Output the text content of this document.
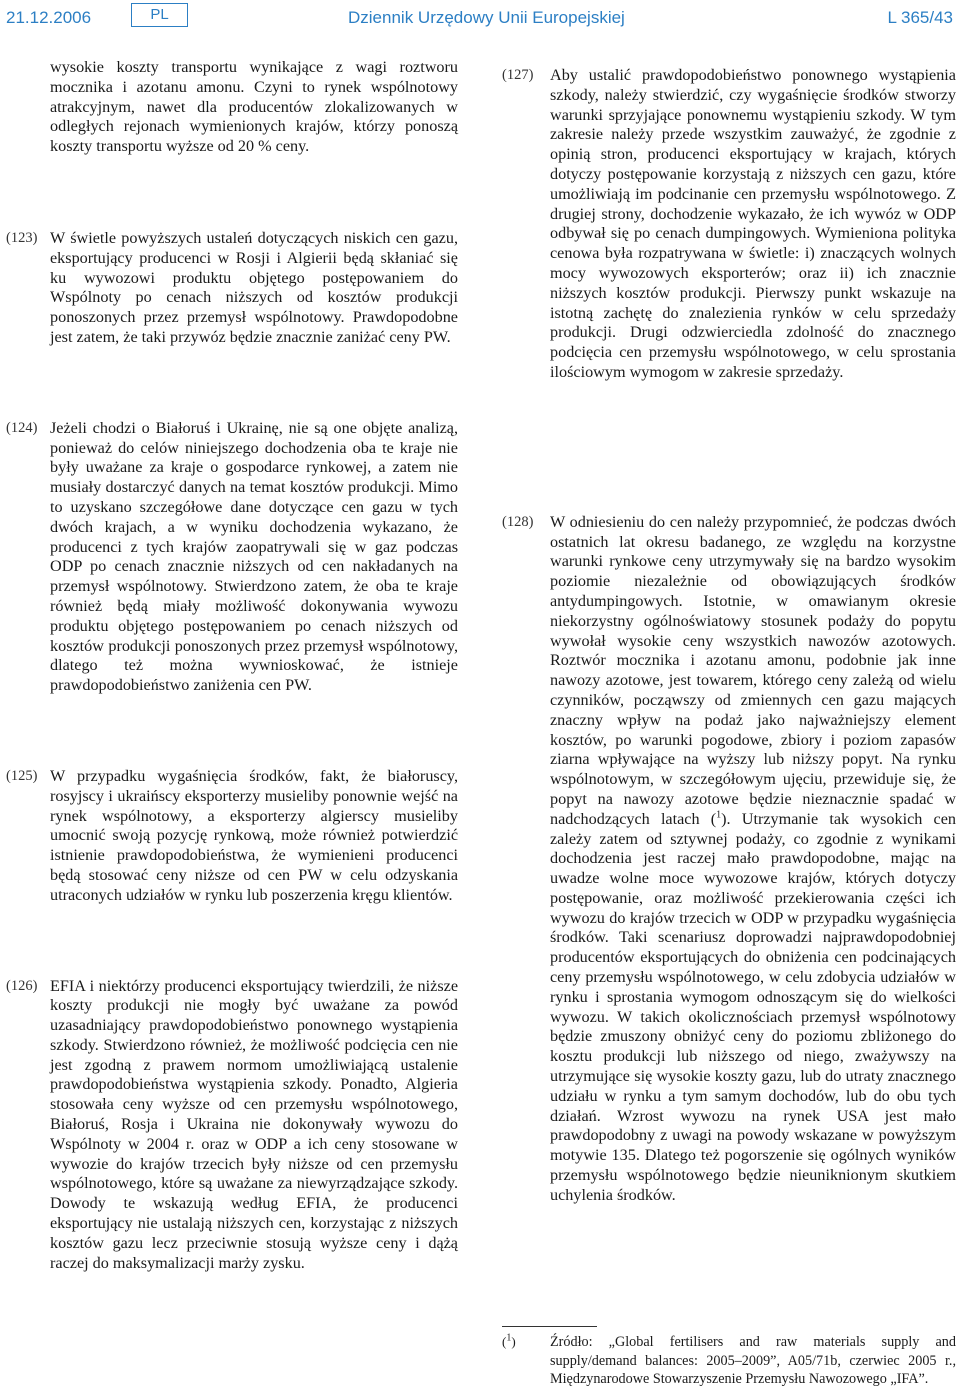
21.12.2006	PL	Dziennik Urzędowy Unii Europejskiej	L 365/43
wysokie koszty transportu wynikające z wagi roztworu mocznika i azotanu amonu. Czyni to rynek wspólnotowy atrakcyjnym, nawet dla producentów zlokalizowanych w odległych rejonach wymienionych krajów, którzy ponoszą koszty transportu wyższe od 20 % ceny.
(123) W świetle powyższych ustaleń dotyczących niskich cen gazu, eksportujący producenci w Rosji i Algierii będą skłaniać się ku wywozowi produktu objętego postępowaniem do Wspólnoty po cenach niższych od kosztów produkcji ponoszonych przez przemysł wspólnotowy. Prawdopodobne jest zatem, że taki przywóz będzie znacznie zaniżać ceny PW.
(124) Jeżeli chodzi o Białoruś i Ukrainę, nie są one objęte analizą, ponieważ do celów niniejszego dochodzenia oba te kraje nie były uważane za kraje o gospodarce rynkowej, a zatem nie musiały dostarczyć danych na temat kosztów produkcji. Mimo to uzyskano szczegółowe dane dotyczące cen gazu w tych dwóch krajach, a w wyniku dochodzenia wykazano, że producenci z tych krajów zaopatrywali się w gaz podczas ODP po cenach znacznie niższych od cen nakładanych na przemysł wspólnotowy. Stwierdzono zatem, że oba te kraje również będą miały możliwość dokonywania wywozu produktu objętego postępowaniem po cenach niższych od kosztów produkcji ponoszonych przez przemysł wspólnotowy, dlatego też można wywnioskować, że istnieje prawdopodobieństwo zaniżenia cen PW.
(125) W przypadku wygaśnięcia środków, fakt, że białoruscy, rosyjscy i ukraińscy eksporterzy musieliby ponownie wejść na rynek wspólnotowy, a eksporterzy algierscy musieliby umocnić swoją pozycję rynkową, może również potwierdzić istnienie prawdopodobieństwa, że wymienieni producenci będą stosować ceny niższe od cen PW w celu odzyskania utraconych udziałów w rynku lub poszerzenia kręgu klientów.
(126) EFIA i niektórzy producenci eksportujący twierdzili, że niższe koszty produkcji nie mogły być uważane za powód uzasadniający prawdopodobieństwo ponownego wystąpienia szkody. Stwierdzono również, że możliwość podcięcia cen nie jest zgodną z prawem normom umożliwiającą ustalenie prawdopodobieństwa wystąpienia szkody. Ponadto, Algieria stosowała ceny wyższe od cen przemysłu wspólnotowego, Białoruś, Rosja i Ukraina nie dokonywały wywozu do Wspólnoty w 2004 r. oraz w ODP a ich ceny stosowane w wywozie do krajów trzecich były niższe od cen przemysłu wspólnotowego, które są uważane za niewyrządzające szkody. Dowody te wskazują według EFIA, że producenci eksportujący nie ustalają niższych cen, korzystając z niższych kosztów gazu lecz przeciwnie stosują wyższe ceny i dążą raczej do maksymalizacji marży zysku.
(127) Aby ustalić prawdopodobieństwo ponownego wystąpienia szkody, należy stwierdzić, czy wygaśnięcie środków stworzy warunki sprzyjające ponownemu wystąpieniu szkody. W tym zakresie należy przede wszystkim zauważyć, że zgodnie z opinią stron, producenci eksportujący w krajach, których dotyczy postępowanie korzystają z niższych cen gazu, które umożliwiają im podcinanie cen przemysłu wspólnotowego. Z drugiej strony, dochodzenie wykazało, że ich wywóz w ODP odbywał się po cenach dumpingowych. Wymieniona polityka cenowa była rozpatrywana w świetle: i) znaczących wolnych mocy wywozowych eksporterów; oraz ii) ich znacznie niższych kosztów produkcji. Pierwszy punkt wskazuje na istotną zachętę do znalezienia rynków w celu sprzedaży produkcji. Drugi odzwierciedla zdolność do znacznego podcięcia cen przemysłu wspólnotowego, w celu sprostania ilościowym wymogom w zakresie sprzedaży.
(128) W odniesieniu do cen należy przypomnieć, że podczas dwóch ostatnich lat okresu badanego, ze względu na korzystne warunki rynkowe ceny utrzymywały się na bardzo wysokim poziomie niezależnie od obowiązujących środków antydumpingowych. Istotnie, w omawianym okresie niekorzystny ogólnoświatowy stosunek podaży do popytu wywołał wysokie ceny wszystkich nawozów azotowych. Roztwór mocznika i azotanu amonu, podobnie jak inne nawozy azotowe, jest towarem, którego ceny zależą od wielu czynników, począwszy od zmiennych cen gazu mających znaczny wpływ na podaż jako najważniejszy element kosztów, po warunki pogodowe, zbiory i poziom zapasów ziarna wpływające na wyższy lub niższy popyt. Na rynku wspólnotowym, w szczegółowym ujęciu, przewiduje się, że popyt na nawozy azotowe będzie nieznacznie spadać w nadchodzących latach ($^1$). Utrzymanie tak wysokich cen zależy zatem od sztywnej podaży, co zgodnie z wynikami dochodzenia jest raczej mało prawdopodobne, mając na uwadze wolne moce wywozowe krajów, których dotyczy postępowanie, oraz możliwość przekierowania części ich wywozu do krajów trzecich w ODP w przypadku wygaśnięcia środków. Taki scenariusz doprowadzi najprawdopodobniej producentów eksportujących do obniżenia cen podcinających ceny przemysłu wspólnotowego, w celu zdobycia udziałów w rynku i sprostania wymogom odnoszącym się do wielkości wywozu. W takich okolicznościach przemysł wspólnotowy będzie zmuszony obniżyć ceny do poziomu zbliżonego do kosztu produkcji lub niższego od niego, zważywszy na utrzymujące się wysokie koszty gazu, lub do utraty znacznego udziału w rynku a tym samym dochodów, lub do obu tych działań. Wzrost wywozu na rynek USA jest mało prawdopodobny z uwagi na powody wskazane w powyższym motywie 135. Dlatego też pogorszenie się ogólnych wyników przemysłu wspólnotowego będzie nieuniknionym skutkiem uchylenia środków.
($^1$) Źródło: „Global fertilisers and raw materials supply and supply/demand balances: 2005–2009”, A05/71b, czerwiec 2005 r., Międzynarodowe Stowarzyszenie Przemysłu Nawozowego „IFA”.
